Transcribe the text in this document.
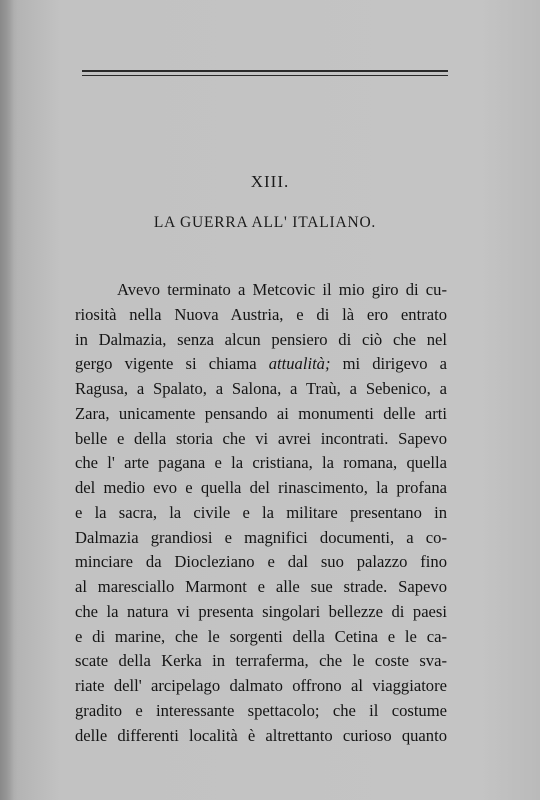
XIII.
LA GUERRA ALL' ITALIANO.
Avevo terminato a Metcovic il mio giro di cu-
riosità nella Nuova Austria, e di là ero entrato
in Dalmazia, senza alcun pensiero di ciò che nel
gergo vigente si chiama attualità; mi dirigevo a
Ragusa, a Spalato, a Salona, a Traù, a Sebenico, a
Zara, unicamente pensando ai monumenti delle arti
belle e della storia che vi avrei incontrati. Sapevo
che l' arte pagana e la cristiana, la romana, quella
del medio evo e quella del rinascimento, la profana
e la sacra, la civile e la militare presentano in
Dalmazia grandiosi e magnifici documenti, a co-
minciare da Diocleziano e dal suo palazzo fino
al maresciallo Marmont e alle sue strade. Sapevo
che la natura vi presenta singolari bellezze di paesi
e di marine, che le sorgenti della Cetina e le ca-
scate della Kerka in terraferma, che le coste sva-
riate dell' arcipelago dalmato offrono al viaggiatore
gradito e interessante spettacolo; che il costume
delle differenti località è altrettanto curioso quanto
